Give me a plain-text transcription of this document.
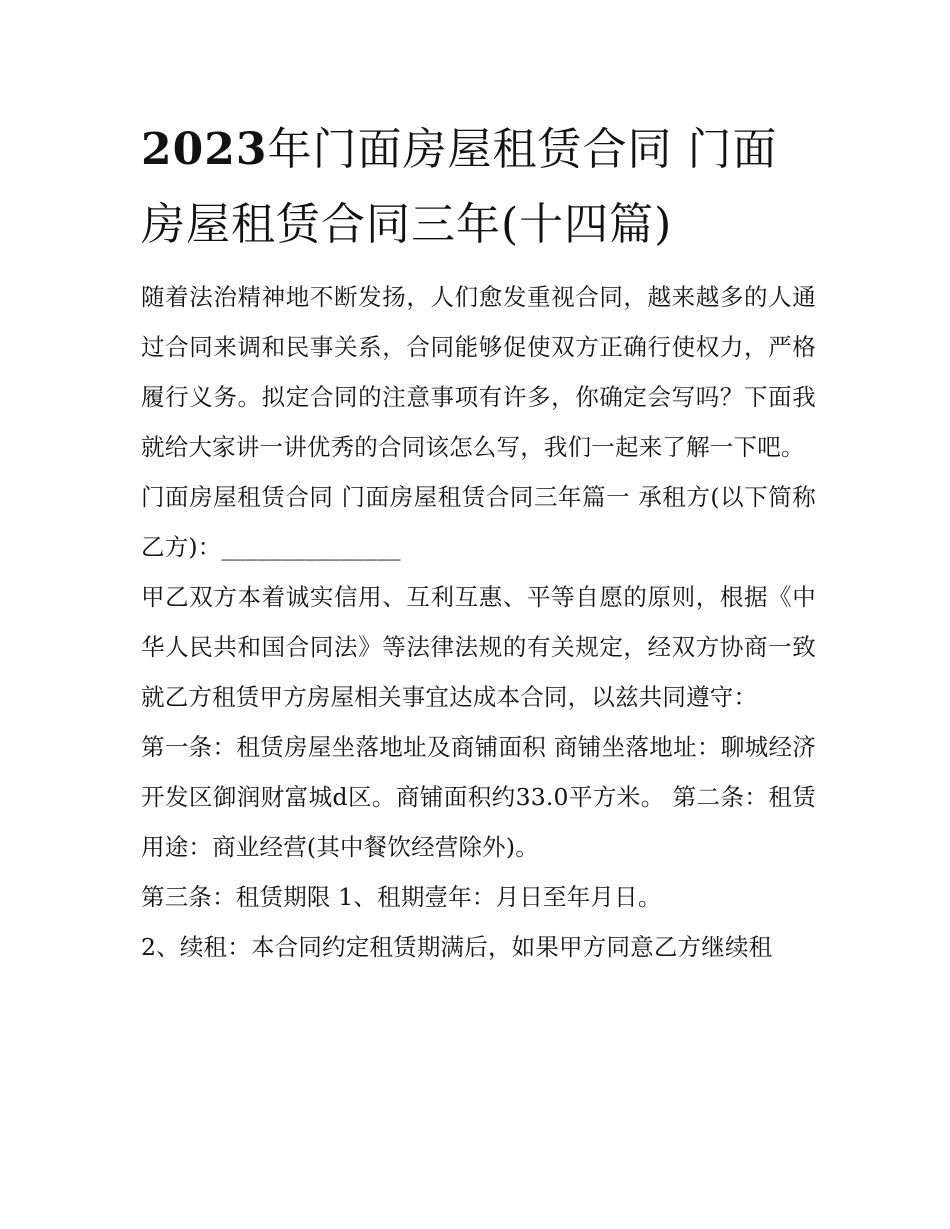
2023年门面房屋租赁合同 门面房屋租赁合同三年(十四篇)

随着法治精神地不断发扬，人们愈发重视合同，越来越多的人通过合同来调和民事关系，合同能够促使双方正确行使权力，严格履行义务。拟定合同的注意事项有许多，你确定会写吗？下面我就给大家讲一讲优秀的合同该怎么写，我们一起来了解一下吧。

门面房屋租赁合同 门面房屋租赁合同三年篇一 承租方(以下简称乙方)：_______________

甲乙双方本着诚实信用、互利互惠、平等自愿的原则，根据《中华人民共和国合同法》等法律法规的有关规定，经双方协商一致就乙方租赁甲方房屋相关事宜达成本合同，以兹共同遵守：

第一条：租赁房屋坐落地址及商铺面积 商铺坐落地址：聊城经济开发区御润财富城d区。商铺面积约33.0平方米。 第二条：租赁用途：商业经营(其中餐饮经营除外)。

第三条：租赁期限 1、租期壹年：月日至年月日。

2、续租：本合同约定租赁期满后，如果甲方同意乙方继续租
